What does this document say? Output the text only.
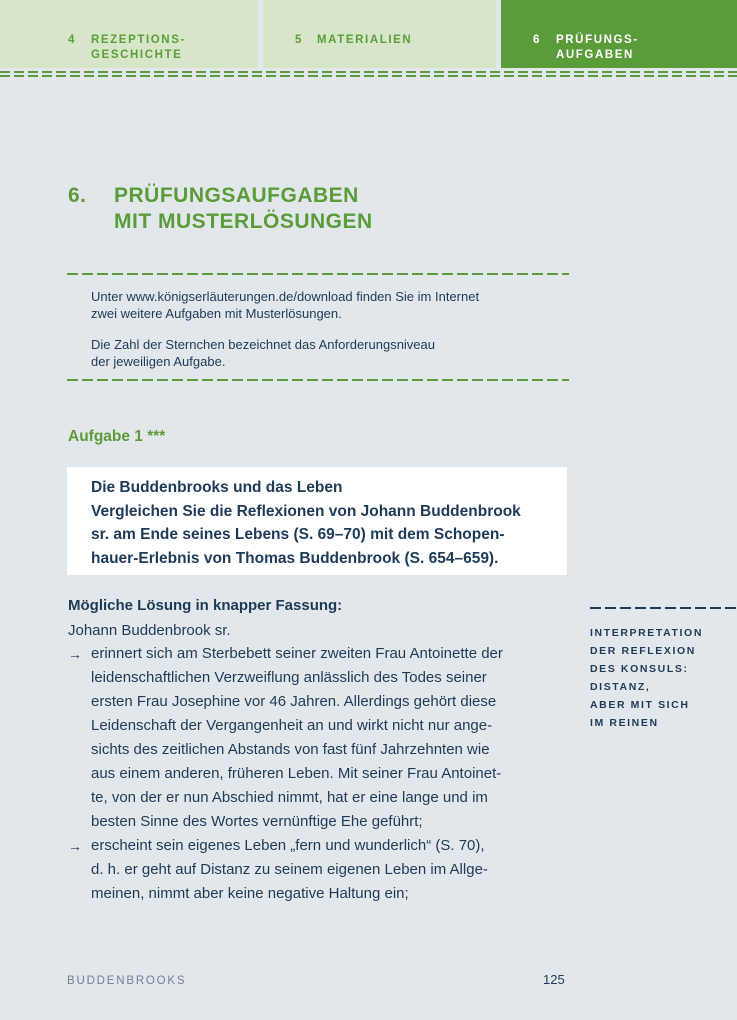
4 REZEPTIONS-
GESCHICHTE
5 MATERIALIEN	6 PRÜFUNGS-
AUFGABEN
6. PRÜFUNGSAUFGABEN
MIT MUSTERLÖSUNGEN

Unter www.königserläuterungen.de/download finden Sie im Internet
zwei weitere Aufgaben mit Musterlösungen.

Die Zahl der Sternchen bezeichnet das Anforderungsniveau
der jeweiligen Aufgabe.

Aufgabe 1 ***
Die Buddenbrooks und das Leben
Vergleichen Sie die Reflexionen von Johann Buddenbrook
sr. am Ende seines Lebens (S. 69–70) mit dem Schopen-
hauer-Erlebnis von Thomas Buddenbrook (S. 654–659).
Mögliche Lösung in knapper Fassung:

Johann Buddenbrook sr.

→ erinnert sich am Sterbebett seiner zweiten Frau Antoinette der
leidenschaftlichen Verzweiflung anlässlich des Todes seiner
ersten Frau Josephine vor 46 Jahren. Allerdings gehört diese
Leidenschaft der Vergangenheit an und wirkt nicht nur ange-
sichts des zeitlichen Abstands von fast fünf Jahrzehnten wie
aus einem anderen, früheren Leben. Mit seiner Frau Antoinet-
te, von der er nun Abschied nimmt, hat er eine lange und im
besten Sinne des Wortes vernünftige Ehe geführt;
→ erscheint sein eigenes Leben „fern und wunderlich“ (S. 70),
d. h. er geht auf Distanz zu seinem eigenen Leben im Allge-
meinen, nimmt aber keine negative Haltung ein;
INTERPRETATION
DER REFLEXION
DES KONSULS:
DISTANZ,
ABER MIT SICH
IM REINEN
BUDDENBROOKS	125
